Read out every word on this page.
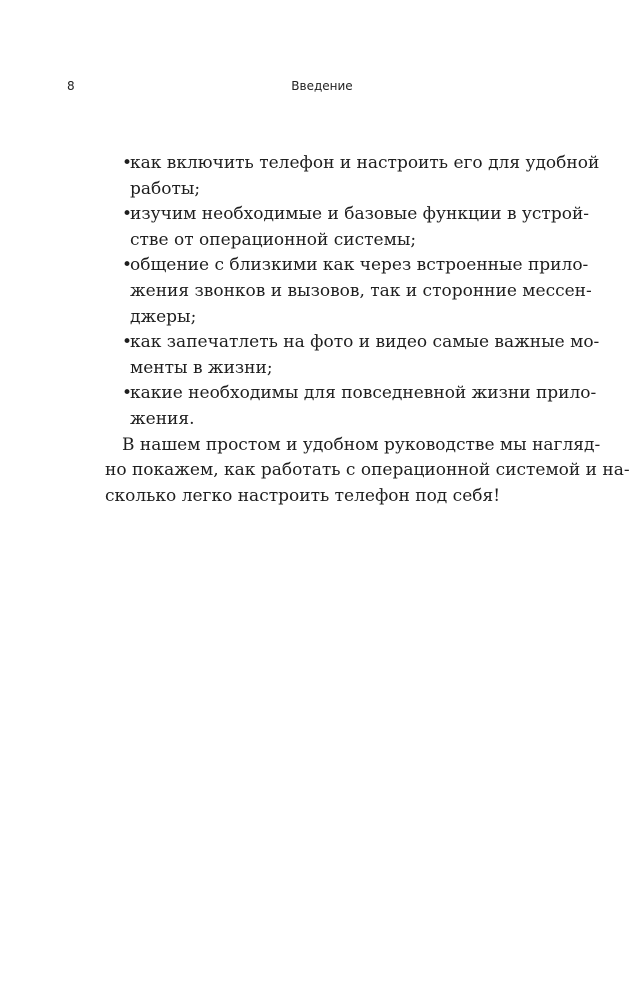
8	Введение
•
как включить телефон и настроить его для удобной
работы;
•
изучим необходимые и базовые функции в устрой-
стве от операционной системы;
•
общение с близкими как через встроенные прило-
жения звонков и вызовов, так и сторонние мессен-
джеры;
•
как запечатлеть на фото и видео самые важные мо-
менты в жизни;
•
какие необходимы для повседневной жизни прило-
жения.

В нашем простом и удобном руководстве мы нагляд-
но покажем, как работать с операционной системой и на-
сколько легко настроить телефон под себя!
